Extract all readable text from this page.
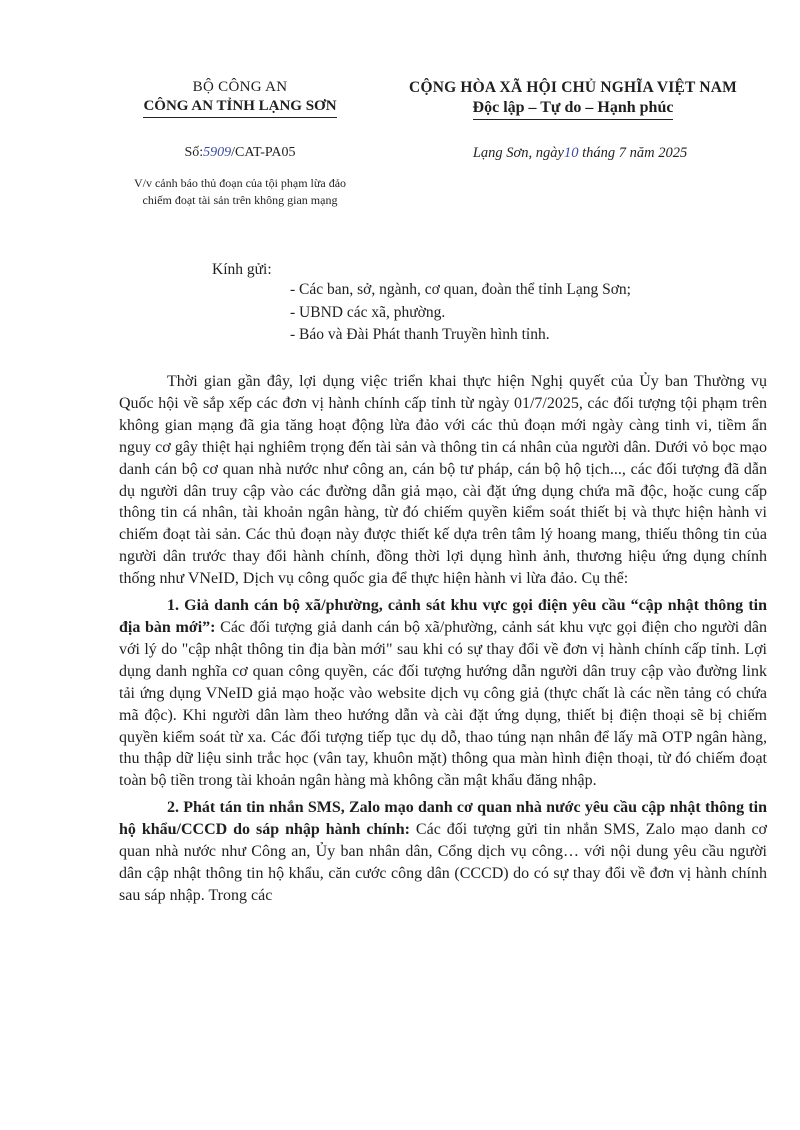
BỘ CÔNG AN
CÔNG AN TỈNH LẠNG SƠN
CỘNG HÒA XÃ HỘI CHỦ NGHĨA VIỆT NAM
Độc lập – Tự do – Hạnh phúc
Số:5909/CAT-PA05	Lạng Sơn, ngày10 tháng 7 năm 2025
V/v cảnh báo thủ đoạn của tội phạm lừa đảo chiếm đoạt tài sản trên không gian mạng
Kính gửi:
- Các ban, sở, ngành, cơ quan, đoàn thể tỉnh Lạng Sơn;
- UBND các xã, phường.
- Báo và Đài Phát thanh Truyền hình tỉnh.

Thời gian gần đây, lợi dụng việc triển khai thực hiện Nghị quyết của Ủy ban Thường vụ Quốc hội về sắp xếp các đơn vị hành chính cấp tỉnh từ ngày 01/7/2025, các đối tượng tội phạm trên không gian mạng đã gia tăng hoạt động lừa đảo với các thủ đoạn mới ngày càng tinh vi, tiềm ẩn nguy cơ gây thiệt hại nghiêm trọng đến tài sản và thông tin cá nhân của người dân. Dưới vỏ bọc mạo danh cán bộ cơ quan nhà nước như công an, cán bộ tư pháp, cán bộ hộ tịch..., các đối tượng đã dẫn dụ người dân truy cập vào các đường dẫn giả mạo, cài đặt ứng dụng chứa mã độc, hoặc cung cấp thông tin cá nhân, tài khoản ngân hàng, từ đó chiếm quyền kiểm soát thiết bị và thực hiện hành vi chiếm đoạt tài sản. Các thủ đoạn này được thiết kế dựa trên tâm lý hoang mang, thiếu thông tin của người dân trước thay đổi hành chính, đồng thời lợi dụng hình ảnh, thương hiệu ứng dụng chính thống như VNeID, Dịch vụ công quốc gia để thực hiện hành vi lừa đảo. Cụ thể:

1. Giả danh cán bộ xã/phường, cảnh sát khu vực gọi điện yêu cầu “cập nhật thông tin địa bàn mới”: Các đối tượng giả danh cán bộ xã/phường, cảnh sát khu vực gọi điện cho người dân với lý do "cập nhật thông tin địa bàn mới" sau khi có sự thay đổi về đơn vị hành chính cấp tỉnh. Lợi dụng danh nghĩa cơ quan công quyền, các đối tượng hướng dẫn người dân truy cập vào đường link tải ứng dụng VNeID giả mạo hoặc vào website dịch vụ công giả (thực chất là các nền tảng có chứa mã độc). Khi người dân làm theo hướng dẫn và cài đặt ứng dụng, thiết bị điện thoại sẽ bị chiếm quyền kiểm soát từ xa. Các đối tượng tiếp tục dụ dỗ, thao túng nạn nhân để lấy mã OTP ngân hàng, thu thập dữ liệu sinh trắc học (vân tay, khuôn mặt) thông qua màn hình điện thoại, từ đó chiếm đoạt toàn bộ tiền trong tài khoản ngân hàng mà không cần mật khẩu đăng nhập.

2. Phát tán tin nhắn SMS, Zalo mạo danh cơ quan nhà nước yêu cầu cập nhật thông tin hộ khẩu/CCCD do sáp nhập hành chính: Các đối tượng gửi tin nhắn SMS, Zalo mạo danh cơ quan nhà nước như Công an, Ủy ban nhân dân, Cổng dịch vụ công… với nội dung yêu cầu người dân cập nhật thông tin hộ khẩu, căn cước công dân (CCCD) do có sự thay đổi về đơn vị hành chính sau sáp nhập. Trong các
